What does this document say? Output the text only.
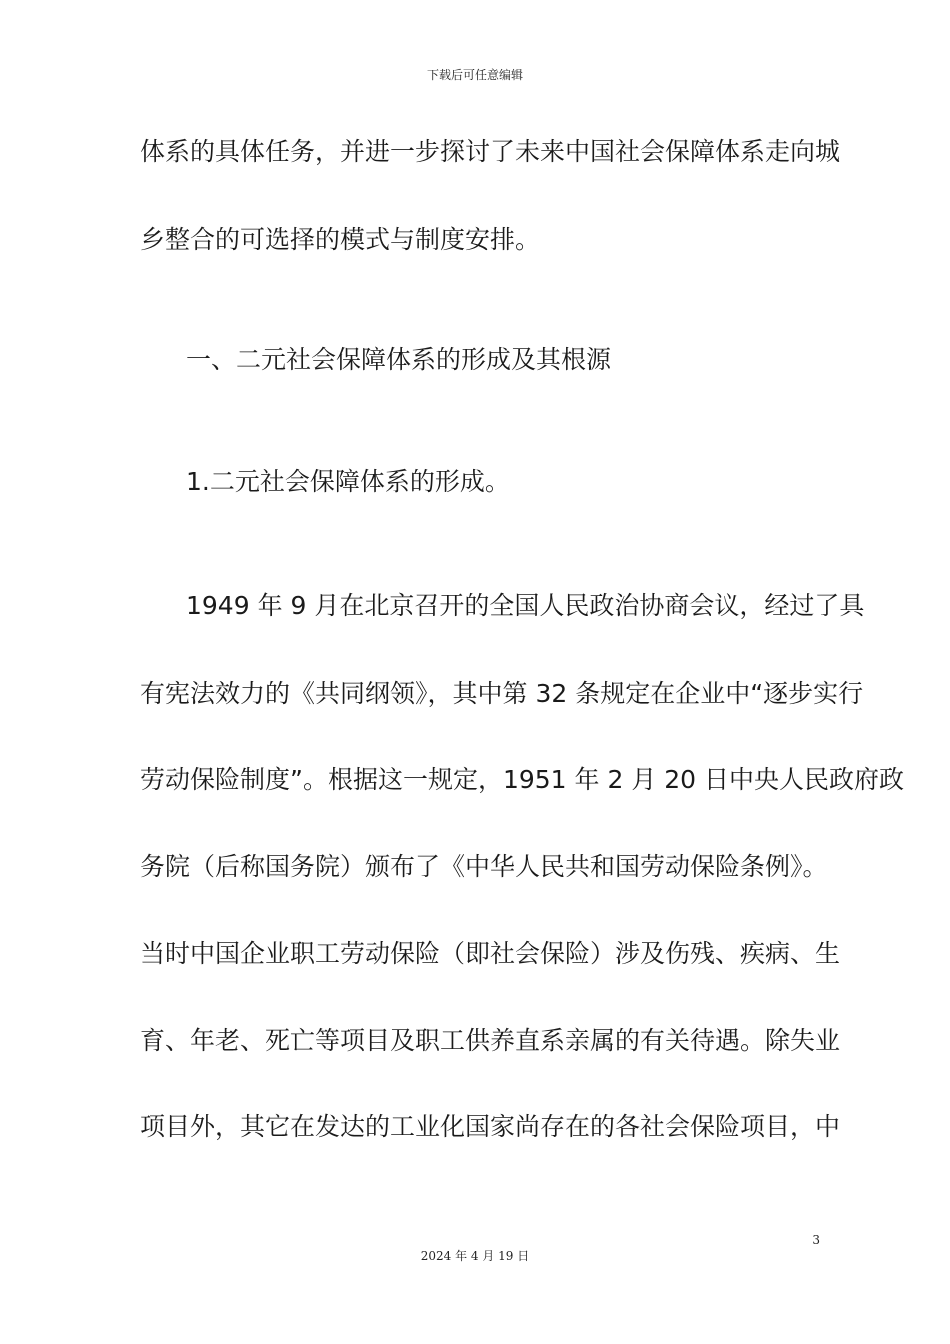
下载后可任意编辑
体系的具体任务，并进一步探讨了未来中国社会保障体系走向城
乡整合的可选择的模式与制度安排。
一、二元社会保障体系的形成及其根源
1.二元社会保障体系的形成。
1949 年 9 月在北京召开的全国人民政治协商会议，经过了具
有宪法效力的《共同纲领》，其中第 32 条规定在企业中“逐步实行
劳动保险制度”。根据这一规定，1951 年 2 月 20 日中央人民政府政
务院（后称国务院）颁布了《中华人民共和国劳动保险条例》。
当时中国企业职工劳动保险（即社会保险）涉及伤残、疾病、生
育、年老、死亡等项目及职工供养直系亲属的有关待遇。除失业
项目外，其它在发达的工业化国家尚存在的各社会保险项目，中
3
2024 年 4 月 19 日
